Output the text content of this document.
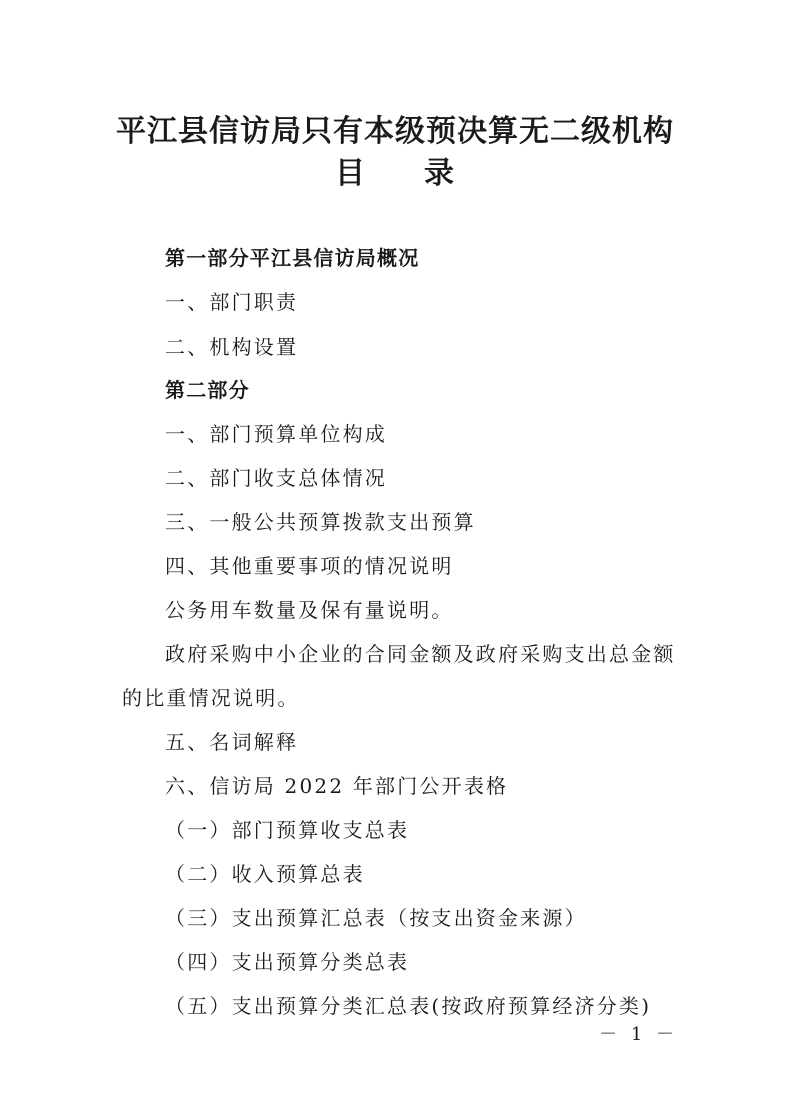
平江县信访局只有本级预决算无二级机构
目 录

第一部分平江县信访局概况

一、部门职责

二、机构设置

第二部分

一、部门预算单位构成

二、部门收支总体情况

三、一般公共预算拨款支出预算

四、其他重要事项的情况说明

公务用车数量及保有量说明。

政府采购中小企业的合同金额及政府采购支出总金额

的比重情况说明。

五、名词解释

六、信访局 2022 年部门公开表格

（一）部门预算收支总表

（二）收入预算总表

（三）支出预算汇总表（按支出资金来源）

（四）支出预算分类总表

（五）支出预算分类汇总表(按政府预算经济分类)

－ 1 －
